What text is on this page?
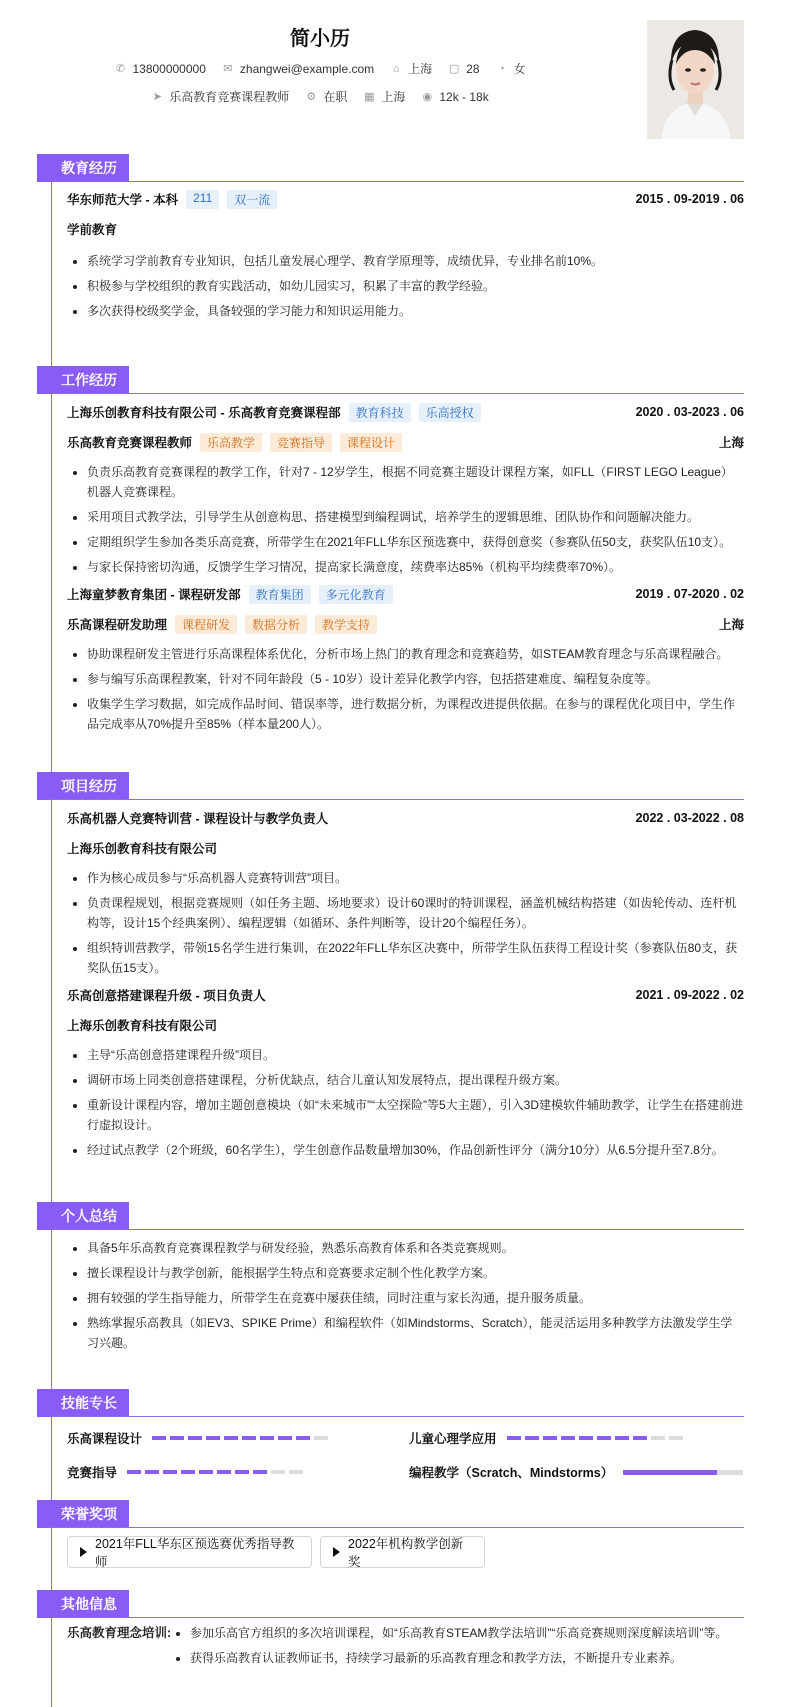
简小历
✆ 13800000000 ✉ zhangwei@example.com ⌂ 上海 ▢ 28 ◔ 女
➤ 乐高教育竞赛课程教师 ⚙ 在职 ▦ 上海 ◉ 12k - 18k
教育经历
华东师范大学 - 本科	211	双一流	2015 . 09-2019 . 06
学前教育
• 系统学习学前教育专业知识，包括儿童发展心理学、教育学原理等，成绩优异，专业排名前10%。
• 积极参与学校组织的教育实践活动，如幼儿园实习，积累了丰富的教学经验。
• 多次获得校级奖学金，具备较强的学习能力和知识运用能力。
工作经历
上海乐创教育科技有限公司 - 乐高教育竞赛课程部	教育科技	乐高授权	2020 . 03-2023 . 06
乐高教育竞赛课程教师	乐高教学	竞赛指导	课程设计	上海
• 负责乐高教育竞赛课程的教学工作，针对7 - 12岁学生，根据不同竞赛主题设计课程方案，如FLL（FIRST LEGO League）机器人竞赛课程。
• 采用项目式教学法，引导学生从创意构思、搭建模型到编程调试，培养学生的逻辑思维、团队协作和问题解决能力。
• 定期组织学生参加各类乐高竞赛，所带学生在2021年FLL华东区预选赛中，获得创意奖（参赛队伍50支，获奖队伍10支）。
• 与家长保持密切沟通，反馈学生学习情况，提高家长满意度，续费率达85%（机构平均续费率70%）。
上海童梦教育集团 - 课程研发部	教育集团	多元化教育	2019 . 07-2020 . 02
乐高课程研发助理	课程研发	数据分析	教学支持	上海
• 协助课程研发主管进行乐高课程体系优化，分析市场上热门的教育理念和竞赛趋势，如STEAM教育理念与乐高课程融合。
• 参与编写乐高课程教案，针对不同年龄段（5 - 10岁）设计差异化教学内容，包括搭建难度、编程复杂度等。
• 收集学生学习数据，如完成作品时间、错误率等，进行数据分析，为课程改进提供依据。在参与的课程优化项目中，学生作品完成率从70%提升至85%（样本量200人）。
项目经历
乐高机器人竞赛特训营 - 课程设计与教学负责人	2022 . 03-2022 . 08
上海乐创教育科技有限公司
• 作为核心成员参与“乐高机器人竞赛特训营”项目。
• 负责课程规划，根据竞赛规则（如任务主题、场地要求）设计60课时的特训课程，涵盖机械结构搭建（如齿轮传动、连杆机构等，设计15个经典案例）、编程逻辑（如循环、条件判断等，设计20个编程任务）。
• 组织特训营教学，带领15名学生进行集训，在2022年FLL华东区决赛中，所带学生队伍获得工程设计奖（参赛队伍80支，获奖队伍15支）。
乐高创意搭建课程升级 - 项目负责人	2021 . 09-2022 . 02
上海乐创教育科技有限公司
• 主导“乐高创意搭建课程升级”项目。
• 调研市场上同类创意搭建课程，分析优缺点，结合儿童认知发展特点，提出课程升级方案。
• 重新设计课程内容，增加主题创意模块（如“未来城市”“太空探险”等5大主题），引入3D建模软件辅助教学，让学生在搭建前进行虚拟设计。
• 经过试点教学（2个班级，60名学生），学生创意作品数量增加30%，作品创新性评分（满分10分）从6.5分提升至7.8分。
个人总结
• 具备5年乐高教育竞赛课程教学与研发经验，熟悉乐高教育体系和各类竞赛规则。
• 擅长课程设计与教学创新，能根据学生特点和竞赛要求定制个性化教学方案。
• 拥有较强的学生指导能力，所带学生在竞赛中屡获佳绩，同时注重与家长沟通，提升服务质量。
• 熟练掌握乐高教具（如EV3、SPIKE Prime）和编程软件（如Mindstorms、Scratch），能灵活运用多种教学方法激发学生学习兴趣。
技能专长
乐高课程设计	儿童心理学应用
竞赛指导	编程教学（Scratch、Mindstorms）
荣誉奖项
2021年FLL华东区预选赛优秀指导教师
2022年机构教学创新奖
其他信息
乐高教育理念培训:
• 参加乐高官方组织的多次培训课程，如“乐高教育STEAM教学法培训”“乐高竞赛规则深度解读培训”等。
• 获得乐高教育认证教师证书，持续学习最新的乐高教育理念和教学方法，不断提升专业素养。
